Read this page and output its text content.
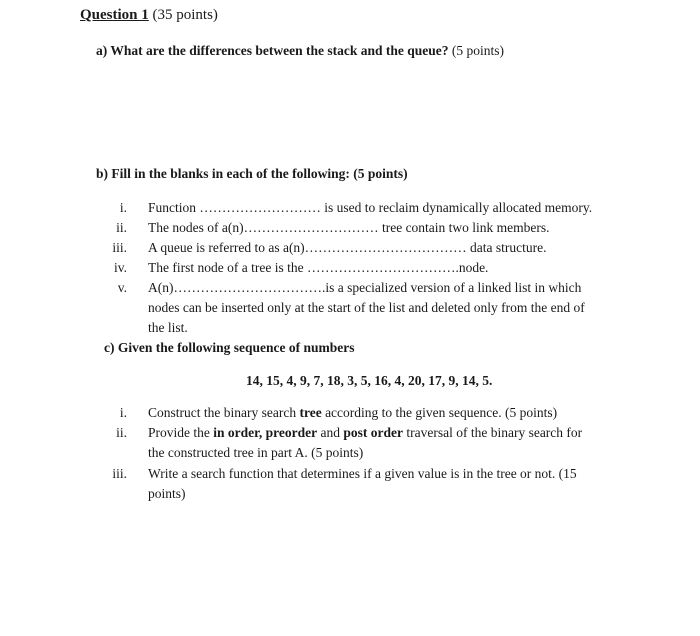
Question 1 (35 points)
a) What are the differences between the stack and the queue? (5 points)
b) Fill in the blanks in each of the following: (5 points)
i. Function ……………………… is used to reclaim dynamically allocated memory.
ii. The nodes of a(n)………………………… tree contain two link members.
iii. A queue is referred to as a(n)……………………………… data structure.
iv. The first node of a tree is the …………………………….node.
v. A(n)…………………………….is a specialized version of a linked list in which
nodes can be inserted only at the start of the list and deleted only from the end of
the list.
c) Given the following sequence of numbers
14, 15, 4, 9, 7, 18, 3, 5, 16, 4, 20, 17, 9, 14, 5.
i. Construct the binary search tree according to the given sequence. (5 points)
ii. Provide the in order, preorder and post order traversal of the binary search for
the constructed tree in part A. (5 points)
iii. Write a search function that determines if a given value is in the tree or not. (15
points)
